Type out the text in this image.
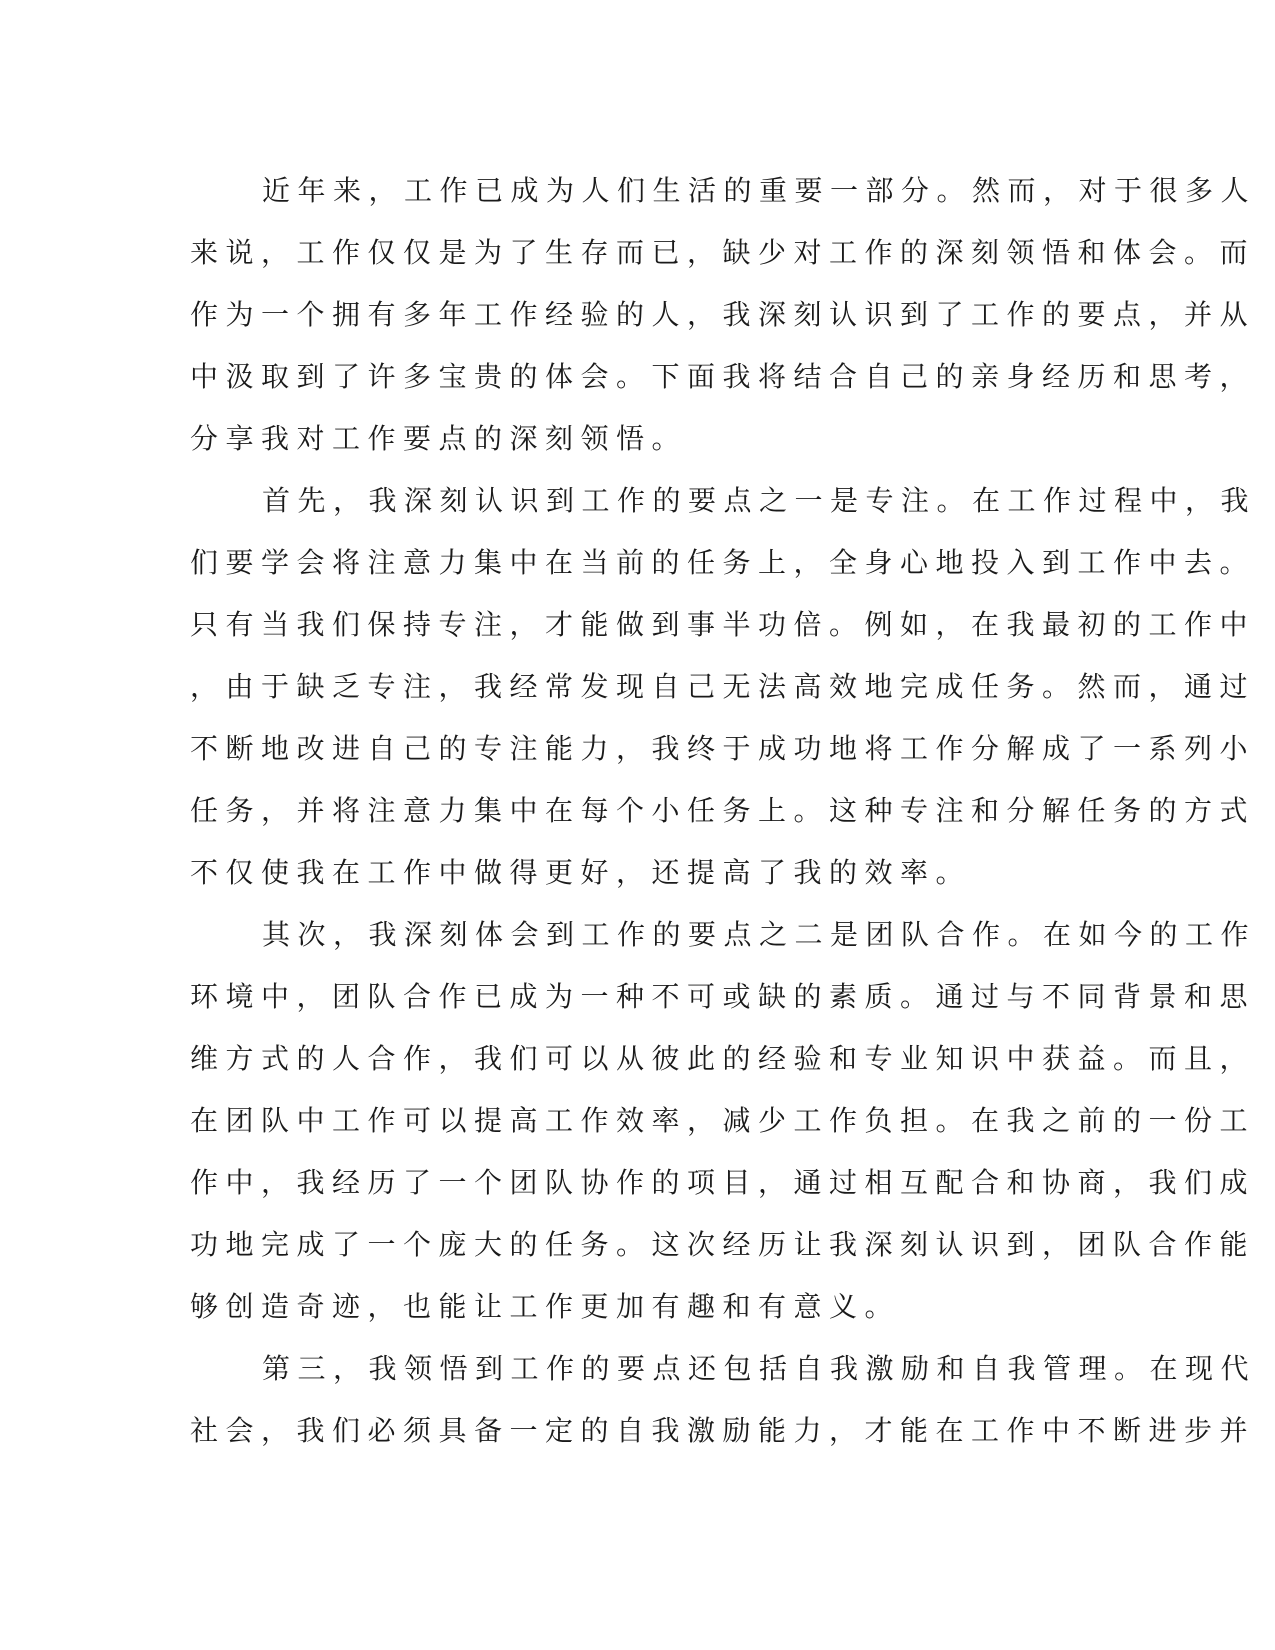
近年来，工作已成为人们生活的重要一部分。然而，对于很多人
来说，工作仅仅是为了生存而已，缺少对工作的深刻领悟和体会。而
作为一个拥有多年工作经验的人，我深刻认识到了工作的要点，并从
中汲取到了许多宝贵的体会。下面我将结合自己的亲身经历和思考，
分享我对工作要点的深刻领悟。
首先，我深刻认识到工作的要点之一是专注。在工作过程中，我
们要学会将注意力集中在当前的任务上，全身心地投入到工作中去。
只有当我们保持专注，才能做到事半功倍。例如，在我最初的工作中
，由于缺乏专注，我经常发现自己无法高效地完成任务。然而，通过
不断地改进自己的专注能力，我终于成功地将工作分解成了一系列小
任务，并将注意力集中在每个小任务上。这种专注和分解任务的方式
不仅使我在工作中做得更好，还提高了我的效率。
其次，我深刻体会到工作的要点之二是团队合作。在如今的工作
环境中，团队合作已成为一种不可或缺的素质。通过与不同背景和思
维方式的人合作，我们可以从彼此的经验和专业知识中获益。而且，
在团队中工作可以提高工作效率，减少工作负担。在我之前的一份工
作中，我经历了一个团队协作的项目，通过相互配合和协商，我们成
功地完成了一个庞大的任务。这次经历让我深刻认识到，团队合作能
够创造奇迹，也能让工作更加有趣和有意义。
第三，我领悟到工作的要点还包括自我激励和自我管理。在现代
社会，我们必须具备一定的自我激励能力，才能在工作中不断进步并
